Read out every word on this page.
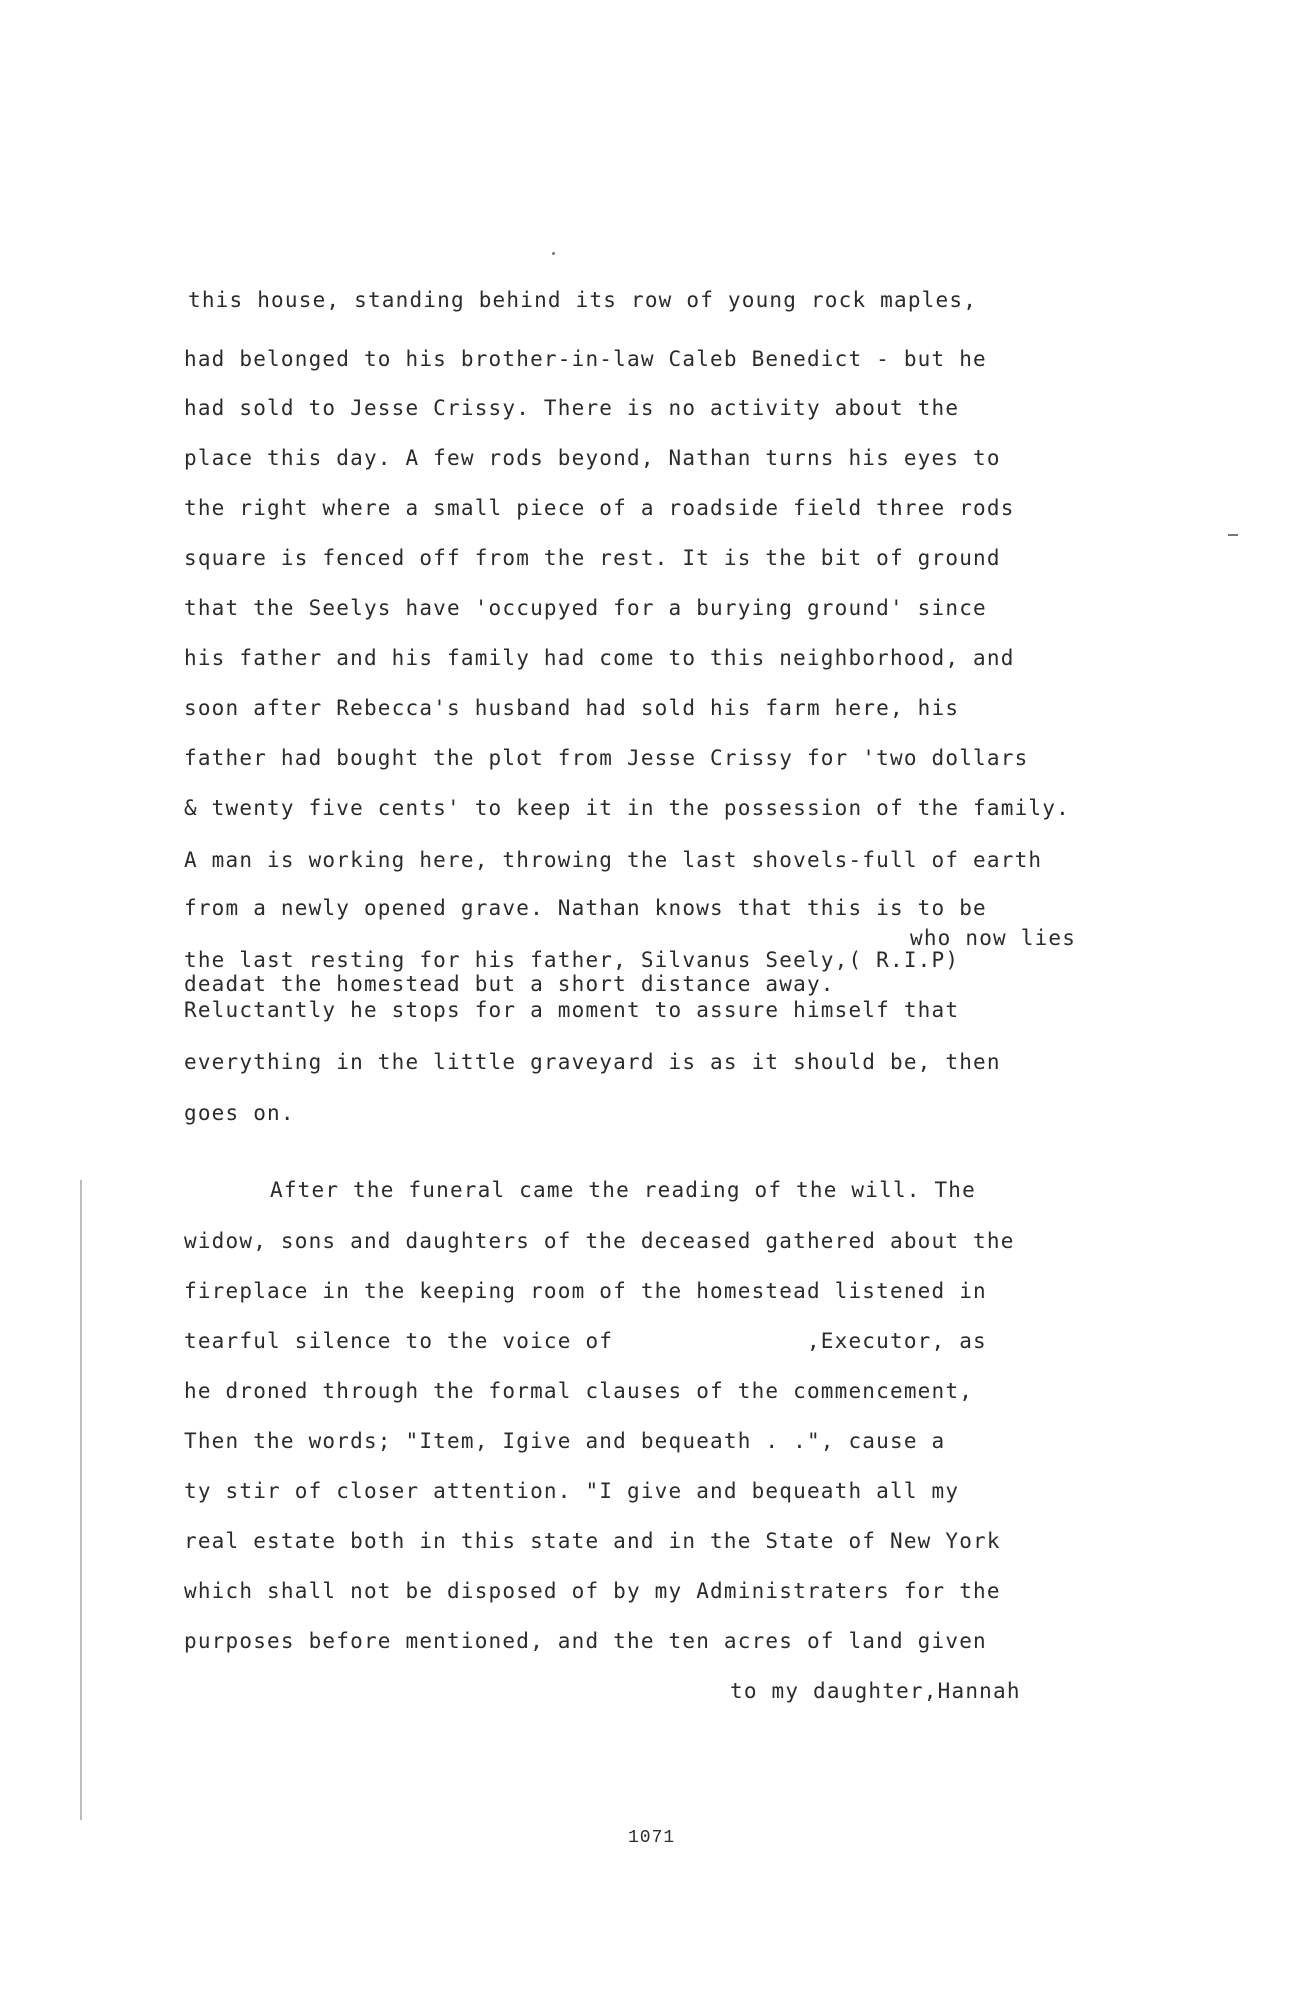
this house, standing behind its row of young rock maples,
had belonged to his brother-in-law Caleb Benedict - but he
had sold to Jesse Crissy. There is no activity about the
place this day. A few rods beyond, Nathan turns his eyes to
the right where a small piece of a roadside field three rods
square is fenced off from the rest. It is the bit of ground
that the Seelys have 'occupyed for a burying ground' since
his father and his family had come to this neighborhood, and
soon after Rebecca's husband had sold his farm here, his
father had bought the plot from Jesse Crissy for 'two dollars
& twenty five cents' to keep it in the possession of the family.
A man is working here, throwing the last shovels-full of earth
from a newly opened grave. Nathan knows that this is to be
who now lies
the last resting for his father, Silvanus Seely,( R.I.P)
deadat the homestead but a short distance away.
Reluctantly he stops for a moment to assure himself that
everything in the little graveyard is as it should be, then
goes on.
After the funeral came the reading of the will. The
widow, sons and daughters of the deceased gathered about the
fireplace in the keeping room of the homestead listened in
tearful silence to the voice of              ,Executor, as
he droned through the formal clauses of the commencement,
Then the words; "Item, Igive and bequeath . .", cause a
ty stir of closer attention. "I give and bequeath all my
real estate both in this state and in the State of New York
which shall not be disposed of by my Administraters for the
purposes before mentioned, and the ten acres of land given
to my daughter,Hannah
1071
